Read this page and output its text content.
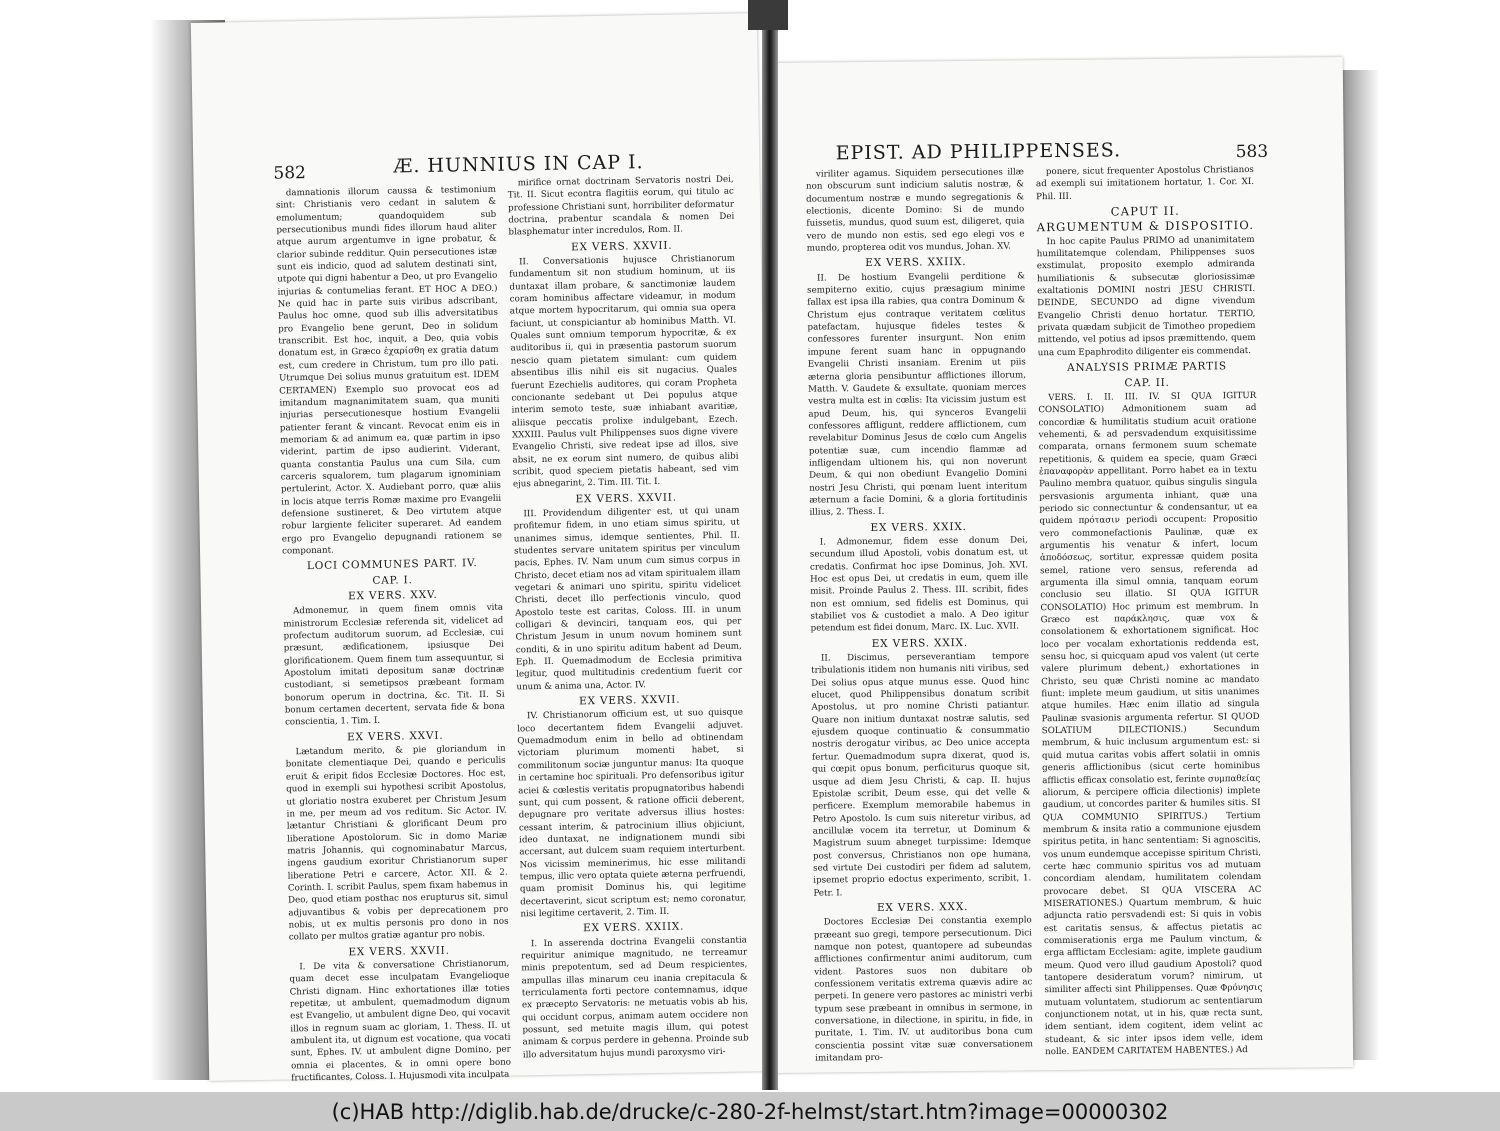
582	Æ. HUNNIUS IN CAP I.

damnationis illorum caussa & testimonium sint: Christianis vero cedant in salutem & emolumentum; quandoquidem sub persecutionibus mundi fides illorum haud aliter atque aurum argentumve in igne probatur, & clarior subinde redditur. Quin persecutiones istæ sunt eis indicio, quod ad salutem destinati sint, utpote qui digni habentur a Deo, ut pro Evangelio injurias & contumelias ferant. ET HOC A DEO.) Ne quid hac in parte suis viribus adscribant, Paulus hoc omne, quod sub illis adversitatibus pro Evangelio bene gerunt, Deo in solidum transcribit. Est hoc, inquit, a Deo, quia vobis donatum est, in Græco ἐχαρίσθη ex gratia datum est, cum credere in Christum, tum pro illo pati. Utrumque Dei solius munus gratuitum est. IDEM CERTAMEN) Exemplo suo provocat eos ad imitandum magnanimitatem suam, qua muniti injurias persecutionesque hostium Evangelii patienter ferant & vincant. Revocat enim eis in memoriam & ad animum ea, quæ partim in ipso viderint, partim de ipso audierint. Viderant, quanta constantia Paulus una cum Sila, cum carceris squalorem, tum plagarum ignominiam pertulerint, Actor. X. Audiebant porro, quæ aliis in locis atque terris Romæ maxime pro Evangelii defensione sustineret, & Deo virtutem atque robur largiente feliciter superaret. Ad eandem ergo pro Evangelio depugnandi rationem se componant.

LOCI COMMUNES PART. IV.
CAP. I.
EX VERS. XXV.

Admonemur, in quem finem omnis vita ministrorum Ecclesiæ referenda sit, videlicet ad profectum auditorum suorum, ad Ecclesiæ, cui præsunt, ædificationem, ipsiusque Dei glorificationem. Quem finem tum assequuntur, si Apostolum imitati depositum sanæ doctrinæ custodiant, si semetipsos præbeant formam bonorum operum in doctrina, &c. Tit. II. Si bonum certamen decertent, servata fide & bona conscientia, 1. Tim. I.

EX VERS. XXVI.

Lætandum merito, & pie gloriandum in bonitate clementiaque Dei, quando e periculis eruit & eripit fidos Ecclesiæ Doctores. Hoc est, quod in exempli sui hypothesi scribit Apostolus, ut gloriatio nostra exuberet per Christum Jesum in me, per meum ad vos reditum. Sic Actor. IV. lætantur Christiani & glorificant Deum pro liberatione Apostolorum. Sic in domo Mariæ matris Johannis, qui cognominabatur Marcus, ingens gaudium exoritur Christianorum super liberatione Petri e carcere, Actor. XII. & 2. Corinth. I. scribit Paulus, spem fixam habemus in Deo, quod etiam posthac nos erupturus sit, simul adjuvantibus & vobis per deprecationem pro nobis, ut ex multis personis pro dono in nos collato per multos gratiæ agantur pro nobis.

EX VERS. XXVII.

I. De vita & conversatione Christianorum, quam decet esse inculpatam Evangelioque Christi dignam. Hinc exhortationes illæ toties repetitæ, ut ambulent, quemadmodum dignum est Evangelio, ut ambulent digne Deo, qui vocavit illos in regnum suam ac gloriam, 1. Thess. II. ut ambulent ita, ut dignum est vocatione, qua vocati sunt, Ephes. IV. ut ambulent digne Domino, per omnia ei placentes, & in omni opere bono fructificantes, Coloss. I. Hujusmodi vita inculpata

mirifice ornat doctrinam Servatoris nostri Dei, Tit. II. Sicut econtra flagitiis eorum, qui titulo ac professione Christiani sunt, horribiliter deformatur doctrina, prabentur scandala & nomen Dei blasphematur inter incredulos, Rom. II.

EX VERS. XXVII.

II. Conversationis hujusce Christianorum fundamentum sit non studium hominum, ut iis duntaxat illam probare, & sanctimoniæ laudem coram hominibus affectare videamur, in modum atque mortem hypocritarum, qui omnia sua opera faciunt, ut conspiciantur ab hominibus Matth. VI. Quales sunt omnium temporum hypocritæ, & ex auditoribus ii, qui in præsentia pastorum suorum nescio quam pietatem simulant: cum quidem absentibus illis nihil eis sit nugacius. Quales fuerunt Ezechielis auditores, qui coram Propheta concionante sedebant ut Dei populus atque interim semoto teste, suæ inhiabant avaritiæ, aliisque peccatis prolixe indulgebant, Ezech. XXXIII. Paulus vult Philippenses suos digne vivere Evangelio Christi, sive redeat ipse ad illos, sive absit, ne ex eorum sint numero, de quibus alibi scribit, quod speciem pietatis habeant, sed vim ejus abnegarint, 2. Tim. III. Tit. I.

EX VERS. XXVII.

III. Providendum diligenter est, ut qui unam profitemur fidem, in uno etiam simus spiritu, ut unanimes simus, idemque sentientes, Phil. II. studentes servare unitatem spiritus per vinculum pacis, Ephes. IV. Nam unum cum simus corpus in Christo, decet etiam nos ad vitam spiritualem illam vegetari & animari uno spiritu, spiritu videlicet Christi, decet illo perfectionis vinculo, quod Apostolo teste est caritas, Coloss. III. in unum colligari & devinciri, tanquam eos, qui per Christum Jesum in unum novum hominem sunt conditi, & in uno spiritu aditum habent ad Deum, Eph. II. Quemadmodum de Ecclesia primitiva legitur, quod multitudinis credentium fuerit cor unum & anima una, Actor. IV.

EX VERS. XXVII.

IV. Christianorum officium est, ut suo quisque loco decertantem fidem Evangelii adjuvet. Quemadmodum enim in bello ad obtinendam victoriam plurimum momenti habet, si commilitonum sociæ junguntur manus: Ita quoque in certamine hoc spirituali. Pro defensoribus igitur aciei & cœlestis veritatis propugnatoribus habendi sunt, qui cum possent, & ratione officii deberent, depugnare pro veritate adversus illius hostes: cessant interim, & patrocinium illius objiciunt, ideo duntaxat, ne indignationem mundi sibi accersant, aut dulcem suam requiem interturbent. Nos vicissim meminerimus, hic esse militandi tempus, illic vero optata quiete æterna perfruendi, quam promisit Dominus his, qui legitime decertaverint, sicut scriptum est; nemo coronatur, nisi legitime certaverit, 2. Tim. II.

EX VERS. XXIIX.

I. In asserenda doctrina Evangelii constantia requiritur animique magnitudo, ne terreamur minis prepotentum, sed ad Deum respicientes, ampullas illas minarum ceu inania crepitacula & terriculamenta forti pectore contemnamus, idque ex præcepto Servatoris: ne metuatis vobis ab his, qui occidunt corpus, animam autem occidere non possunt, sed metuite magis illum, qui potest animam & corpus perdere in gehenna. Proinde sub illo adversitatum hujus mundi paroxysmo viri-

EPIST. AD PHILIPPENSES.	583

viriliter agamus. Siquidem persecutiones illæ non obscurum sunt indicium salutis nostræ, & documentum nostræ e mundo segregationis & electionis, dicente Domino: Si de mundo fuissetis, mundus, quod suum est, diligeret, quia vero de mundo non estis, sed ego elegi vos e mundo, propterea odit vos mundus, Johan. XV.

EX VERS. XXIIX.

II. De hostium Evangelii perditione & sempiterno exitio, cujus præsagium minime fallax est ipsa illa rabies, qua contra Dominum & Christum ejus contraque veritatem cœlitus patefactam, hujusque fideles testes & confessores furenter insurgunt. Non enim impune ferent suam hanc in oppugnando Evangelii Christi insaniam. Erenim ut piis æterna gloria pensibuntur afflictiones illorum, Matth. V. Gaudete & exsultate, quoniam merces vestra multa est in cœlis: Ita vicissim justum est apud Deum, his, qui synceros Evangelii confessores affligunt, reddere afflictionem, cum revelabitur Dominus Jesus de cœlo cum Angelis potentiæ suæ, cum incendio flammæ ad infligendam ultionem his, qui non noverunt Deum, & qui non obediunt Evangelio Domini nostri Jesu Christi, qui pœnam luent interitum æternum a facie Domini, & a gloria fortitudinis illius, 2. Thess. I.

EX VERS. XXIX.

I. Admonemur, fidem esse donum Dei, secundum illud Apostoli, vobis donatum est, ut credatis. Confirmat hoc ipse Dominus, Joh. XVI. Hoc est opus Dei, ut credatis in eum, quem ille misit. Proinde Paulus 2. Thess. III. scribit, fides non est omnium, sed fidelis est Dominus, qui stabiliet vos & custodiet a malo. A Deo igitur petendum est fidei donum, Marc. IX. Luc. XVII.

EX VERS. XXIX.

II. Discimus, perseverantiam tempore tribulationis itidem non humanis niti viribus, sed Dei solius opus atque munus esse. Quod hinc elucet, quod Philippensibus donatum scribit Apostolus, ut pro nomine Christi patiantur. Quare non initium duntaxat nostræ salutis, sed ejusdem quoque continuatio & consummatio nostris derogatur viribus, ac Deo unice accepta fertur. Quemadmodum supra dixerat, quod is, qui cœpit opus bonum, perficiturus quoque sit, usque ad diem Jesu Christi, & cap. II. hujus Epistolæ scribit, Deum esse, qui det velle & perficere. Exemplum memorabile habemus in Petro Apostolo. Is cum suis niteretur viribus, ad ancillulæ vocem ita terretur, ut Dominum & Magistrum suum abneget turpissime: Idemque post conversus, Christianos non ope humana, sed virtute Dei custodiri per fidem ad salutem, ipsemet proprio edoctus experimento, scribit, 1. Petr. I.

EX VERS. XXX.

Doctores Ecclesiæ Dei constantia exemplo præeant suo gregi, tempore persecutionum. Dici namque non potest, quantopere ad subeundas afflictiones confirmentur animi auditorum, cum vident Pastores suos non dubitare ob confessionem veritatis extrema quævis adire ac perpeti. In genere vero pastores ac ministri verbi typum sese præbeant in omnibus in sermone, in conversatione, in dilectione, in spiritu, in fide, in puritate, 1. Tim. IV. ut auditoribus bona cum conscientia possint vitæ suæ conversationem imitandam pro-

ponere, sicut frequenter Apostolus Christianos ad exempli sui imitationem hortatur, 1. Cor. XI. Phil. III.

CAPUT II.
ARGUMENTUM & DISPOSITIO.

In hoc capite Paulus PRIMO ad unanimitatem humilitatemque colendam, Philippenses suos exstimulat, proposito exemplo admiranda humiliationis & subsecutæ gloriosissimæ exaltationis DOMINI nostri JESU CHRISTI. DEINDE, SECUNDO ad digne vivendum Evangelio Christi denuo hortatur. TERTIO, privata quædam subjicit de Timotheo propediem mittendo, vel potius ad ipsos præmittendo, quem una cum Epaphrodito diligenter eis commendat.

ANALYSIS PRIMÆ PARTIS
CAP. II.

VERS. I. II. III. IV. SI QUA IGITUR CONSOLATIO) Admonitionem suam ad concordiæ & humilitatis studium acuit oratione vehementi, & ad persvadendum exquisitissime comparata, ornans fermonem suum schemate repetitionis, & quidem ea specie, quam Græci ἐπαναφορὰν appellitant. Porro habet ea in textu Paulino membra quatuor, quibus singulis singula persvasionis argumenta inhiant, quæ una periodo sic connectuntur & condensantur, ut ea quidem πρότασιν periodi occupent: Propositio vero commonefactionis Paulinæ, quæ ex argumentis his venatur & infert, locum ἀποδόσεως, sortitur, expressæ quidem posita semel, ratione vero sensus, referenda ad argumenta illa simul omnia, tanquam eorum conclusio seu illatio. SI QUA IGITUR CONSOLATIO) Hoc primum est membrum. In Græco est παράκλησις, quæ vox & consolationem & exhortationem significat. Hoc loco per vocalam exhortationis reddenda est, sensu hoc, si quicquam apud vos valent (ut certe valere plurimum debent,) exhortationes in Christo, seu quæ Christi nomine ac mandato fiunt: implete meum gaudium, ut sitis unanimes atque humiles. Hæc enim illatio ad singula Paulinæ svasionis argumenta refertur. SI QUOD SOLATIUM DILECTIONIS.) Secundum membrum, & huic inclusum argumentum est: si quid mutua caritas vobis affert solatii in omnis generis afflictionibus (sicut certe hominibus afflictis efficax consolatio est, ferinte συμπαθείας aliorum, & percipere officia dilectionis) implete gaudium, ut concordes pariter & humiles sitis. SI QUA COMMUNIO SPIRITUS.) Tertium membrum & insita ratio a communione ejusdem spiritus petita, in hanc sententiam: Si agnoscitis, vos unum eundemque accepisse spiritum Christi, certe hæc communio spiritus vos ad mutuam concordiam alendam, humilitatem colendam provocare debet. SI QUA VISCERA AC MISERATIONES.) Quartum membrum, & huic adjuncta ratio persvadendi est: Si quis in vobis est caritatis sensus, & affectus pietatis ac commiserationis erga me Paulum vinctum, & erga afflictam Ecclesiam: agite, implete gaudium meum. Quod vero illud gaudium Apostoli? quod tantopere desideratum vorum? nimirum, ut similiter affecti sint Philippenses. Quæ Φρόνησις mutuam voluntatem, studiorum ac sententiarum conjunctionem notat, ut in his, quæ recta sunt, idem sentiant, idem cogitent, idem velint ac studeant, & sic inter ipsos idem velle, idem nolle. EANDEM CARITATEM HABENTES.) Ad

(c)HAB http://diglib.hab.de/drucke/c-280-2f-helmst/start.htm?image=00000302
